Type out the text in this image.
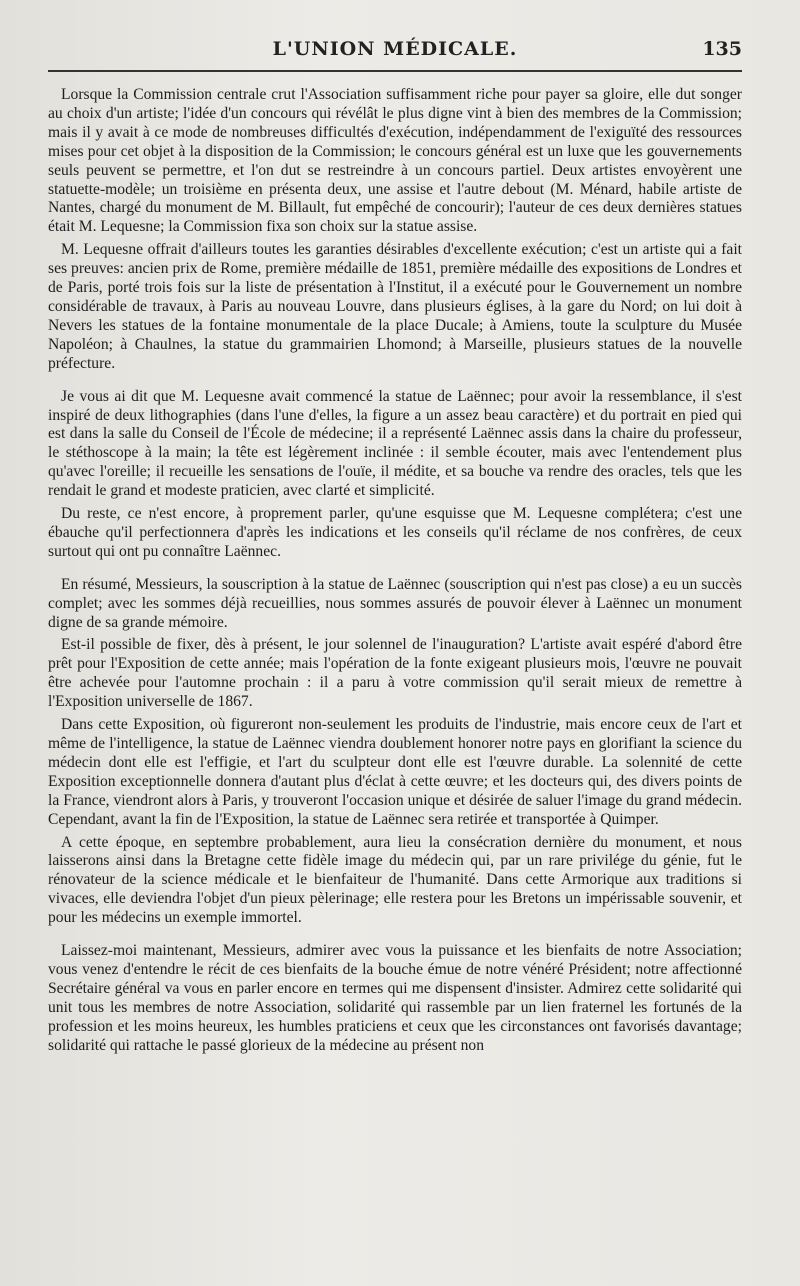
L'UNION MÉDICALE.	135

Lorsque la Commission centrale crut l'Association suffisamment riche pour payer sa gloire, elle dut songer au choix d'un artiste; l'idée d'un concours qui révélât le plus digne vint à bien des membres de la Commission; mais il y avait à ce mode de nombreuses difficultés d'exécution, indépendamment de l'exiguïté des ressources mises pour cet objet à la disposition de la Commission; le concours général est un luxe que les gouvernements seuls peuvent se permettre, et l'on dut se restreindre à un concours partiel. Deux artistes envoyèrent une statuette-modèle; un troisième en présenta deux, une assise et l'autre debout (M. Ménard, habile artiste de Nantes, chargé du monument de M. Billault, fut empêché de concourir); l'auteur de ces deux dernières statues était M. Lequesne; la Commission fixa son choix sur la statue assise.

M. Lequesne offrait d'ailleurs toutes les garanties désirables d'excellente exécution; c'est un artiste qui a fait ses preuves: ancien prix de Rome, première médaille de 1851, première médaille des expositions de Londres et de Paris, porté trois fois sur la liste de présentation à l'Institut, il a exécuté pour le Gouvernement un nombre considérable de travaux, à Paris au nouveau Louvre, dans plusieurs églises, à la gare du Nord; on lui doit à Nevers les statues de la fontaine monumentale de la place Ducale; à Amiens, toute la sculpture du Musée Napoléon; à Chaulnes, la statue du grammairien Lhomond; à Marseille, plusieurs statues de la nouvelle préfecture.

Je vous ai dit que M. Lequesne avait commencé la statue de Laënnec; pour avoir la ressemblance, il s'est inspiré de deux lithographies (dans l'une d'elles, la figure a un assez beau caractère) et du portrait en pied qui est dans la salle du Conseil de l'École de médecine; il a représenté Laënnec assis dans la chaire du professeur, le stéthoscope à la main; la tête est légèrement inclinée : il semble écouter, mais avec l'entendement plus qu'avec l'oreille; il recueille les sensations de l'ouïe, il médite, et sa bouche va rendre des oracles, tels que les rendait le grand et modeste praticien, avec clarté et simplicité.

Du reste, ce n'est encore, à proprement parler, qu'une esquisse que M. Lequesne complétera; c'est une ébauche qu'il perfectionnera d'après les indications et les conseils qu'il réclame de nos confrères, de ceux surtout qui ont pu connaître Laënnec.

En résumé, Messieurs, la souscription à la statue de Laënnec (souscription qui n'est pas close) a eu un succès complet; avec les sommes déjà recueillies, nous sommes assurés de pouvoir élever à Laënnec un monument digne de sa grande mémoire.

Est-il possible de fixer, dès à présent, le jour solennel de l'inauguration? L'artiste avait espéré d'abord être prêt pour l'Exposition de cette année; mais l'opération de la fonte exigeant plusieurs mois, l'œuvre ne pouvait être achevée pour l'automne prochain : il a paru à votre commission qu'il serait mieux de remettre à l'Exposition universelle de 1867.

Dans cette Exposition, où figureront non-seulement les produits de l'industrie, mais encore ceux de l'art et même de l'intelligence, la statue de Laënnec viendra doublement honorer notre pays en glorifiant la science du médecin dont elle est l'effigie, et l'art du sculpteur dont elle est l'œuvre durable. La solennité de cette Exposition exceptionnelle donnera d'autant plus d'éclat à cette œuvre; et les docteurs qui, des divers points de la France, viendront alors à Paris, y trouveront l'occasion unique et désirée de saluer l'image du grand médecin. Cependant, avant la fin de l'Exposition, la statue de Laënnec sera retirée et transportée à Quimper.

A cette époque, en septembre probablement, aura lieu la consécration dernière du monument, et nous laisserons ainsi dans la Bretagne cette fidèle image du médecin qui, par un rare privilége du génie, fut le rénovateur de la science médicale et le bienfaiteur de l'humanité. Dans cette Armorique aux traditions si vivaces, elle deviendra l'objet d'un pieux pèlerinage; elle restera pour les Bretons un impérissable souvenir, et pour les médecins un exemple immortel.

Laissez-moi maintenant, Messieurs, admirer avec vous la puissance et les bienfaits de notre Association; vous venez d'entendre le récit de ces bienfaits de la bouche émue de notre vénéré Président; notre affectionné Secrétaire général va vous en parler encore en termes qui me dispensent d'insister. Admirez cette solidarité qui unit tous les membres de notre Association, solidarité qui rassemble par un lien fraternel les fortunés de la profession et les moins heureux, les humbles praticiens et ceux que les circonstances ont favorisés davantage; solidarité qui rattache le passé glorieux de la médecine au présent non
